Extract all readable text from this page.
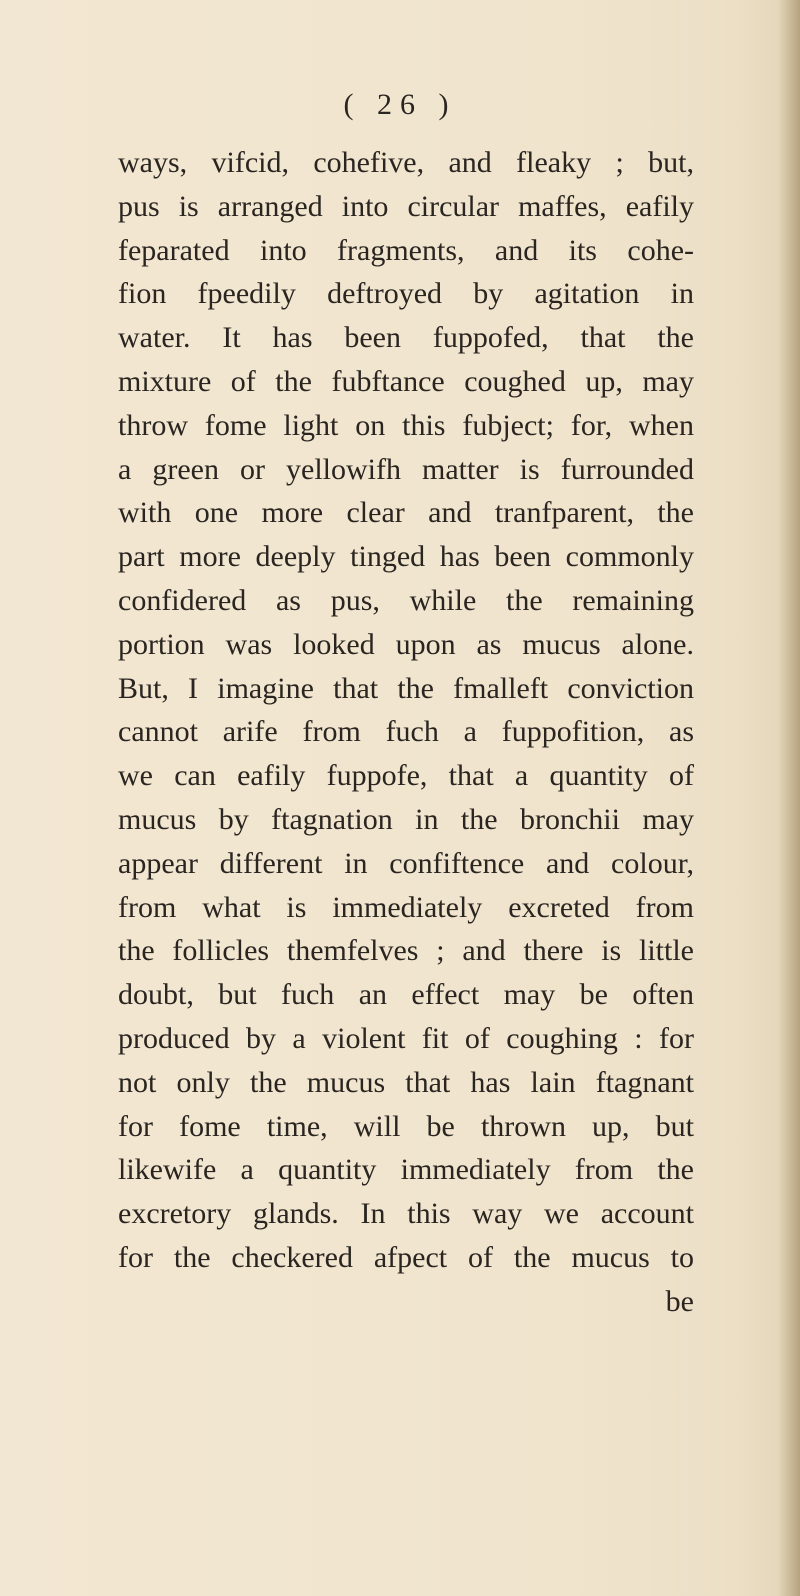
( 26 )
ways, vifcid, cohefive, and fleaky ; but,
pus is arranged into circular maffes, eafily
feparated into fragments, and its cohe-
fion fpeedily deftroyed by agitation in
water. It has been fuppofed, that the
mixture of the fubftance coughed up, may
throw fome light on this fubject; for, when
a green or yellowifh matter is furrounded
with one more clear and tranfparent, the
part more deeply tinged has been commonly
confidered as pus, while the remaining
portion was looked upon as mucus alone.
But, I imagine that the fmalleft conviction
cannot arife from fuch a fuppofition, as
we can eafily fuppofe, that a quantity of
mucus by ftagnation in the bronchii may
appear different in confiftence and colour,
from what is immediately excreted from
the follicles themfelves ; and there is little
doubt, but fuch an effect may be often
produced by a violent fit of coughing : for
not only the mucus that has lain ftagnant
for fome time, will be thrown up, but
likewife a quantity immediately from the
excretory glands. In this way we account
for the checkered afpect of the mucus to
be
